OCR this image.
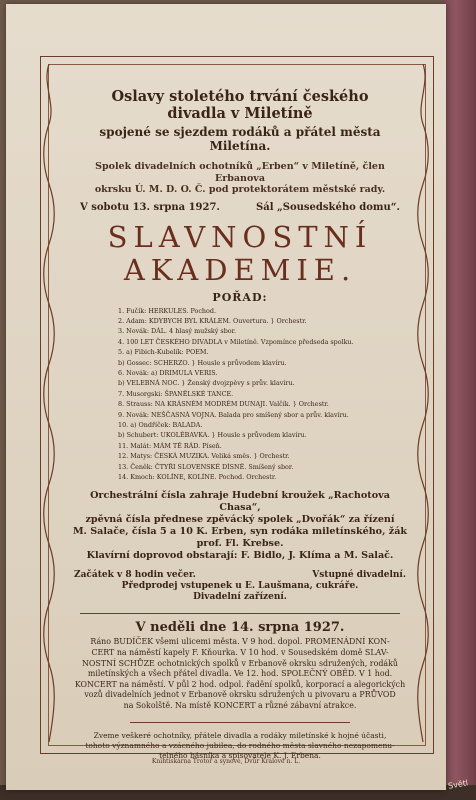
Oslavy stoletého trvání českého
divadla v Miletíně
spojené se sjezdem rodáků a přátel města
Miletína.
Spolek divadelních ochotníků „Erben“ v Miletíně, člen Erbanova
okrsku Ú. M. D. O. Č. pod protektorátem městské rady.
V sobotu 13. srpna 1927.	Sál „Sousedského domu“.
SLAVNOSTNÍ
AKADEMIE.
POŘAD:
1. Fučík: HERKULES. Pochod.
2. Adam: KDYBYCH BYL KRÁLEM. Ouvertura. } Orchestr.
3. Novák: DÁL. 4 hlasý mužský sbor.
4. 100 LET ČESKÉHO DIVADLA v Miletíně. Vzpomínce předseda spolku.
5. a) Fibich-Kubelík: POEM.
b) Gossec: SCHERZO. } Housle s průvodem klavíru.
6. Novák: a) DRIMULA VERIS.
b) VELEBNÁ NOC. } Ženský dvojzpěvy s prův. klavíru.
7. Musorgski: ŠPANĚLSKÉ TANCE.
8. Strauss: NA KRÁSNÉM MODRÉM DUNAJI. Valčík. } Orchestr.
9. Novák: NEŠČASNÁ VOJNA. Balada pro smíšený sbor a prův. klavíru.
10. a) Ondříček: BALADA.
b) Schubert: UKOLÉBAVKA. } Housle s průvodem klavíru.
11. Malát: MÁM TĚ RÁD. Píseň.
12. Matys: ČESKÁ MUZIKA. Veliká směs. } Orchestr.
13. Čeněk: ČTYŘI SLOVENSKÉ DÍSNĚ. Smíšený sbor.
14. Kmoch: KOLÍNE, KOLÍNE. Pochod. Orchestr.
Orchestrální čísla zahraje Hudební kroužek „Rachotova Chasa“,
zpěvná čísla přednese zpěvácký spolek „Dvořák“ za řízení
M. Salače, čísla 5 a 10 K. Erben, syn rodáka miletínského, žák
prof. Fl. Krebse.
Klavírní doprovod obstarají: F. Bidlo, J. Klíma a M. Salač.
Začátek v 8 hodin večer.	Vstupné divadelní.
Předprodej vstupenek u E. Laušmana, cukráře.
Divadelní zařízení.
V neděli dne 14. srpna 1927.
Ráno BUDÍČEK všemi ulicemi města. V 9 hod. dopol. PROMENÁDNÍ KON-
CERT na náměstí kapely F. Kňourka. V 10 hod. v Sousedském domě SLAV-
NOSTNÍ SCHŮZE ochotnických spolků v Erbanově okrsku sdružených, rodáků
miletínských a všech přátel divadla. Ve 12. hod. SPOLEČNÝ OBĚD. V 1 hod.
KONCERT na náměstí. V půl 2 hod. odpol. řadění spolků, korporací a alegorických
vozů divadelních jednot v Erbanově okrsku sdružených u pivovaru a PRŮVOD
na Sokolště. Na místě KONCERT a různé zábavní atrakce.
Zveme veškeré ochotníky, přátele divadla a rodáky miletínské k hojné účasti,
tohoto významného a vzácného jubilea, do rodného města slavného nezapomenu-
telného básníka a spisovatele K. J. Erbena.
Knihtiskárna Trotoř a synové, Dvůr Králové n. L.
Světl
